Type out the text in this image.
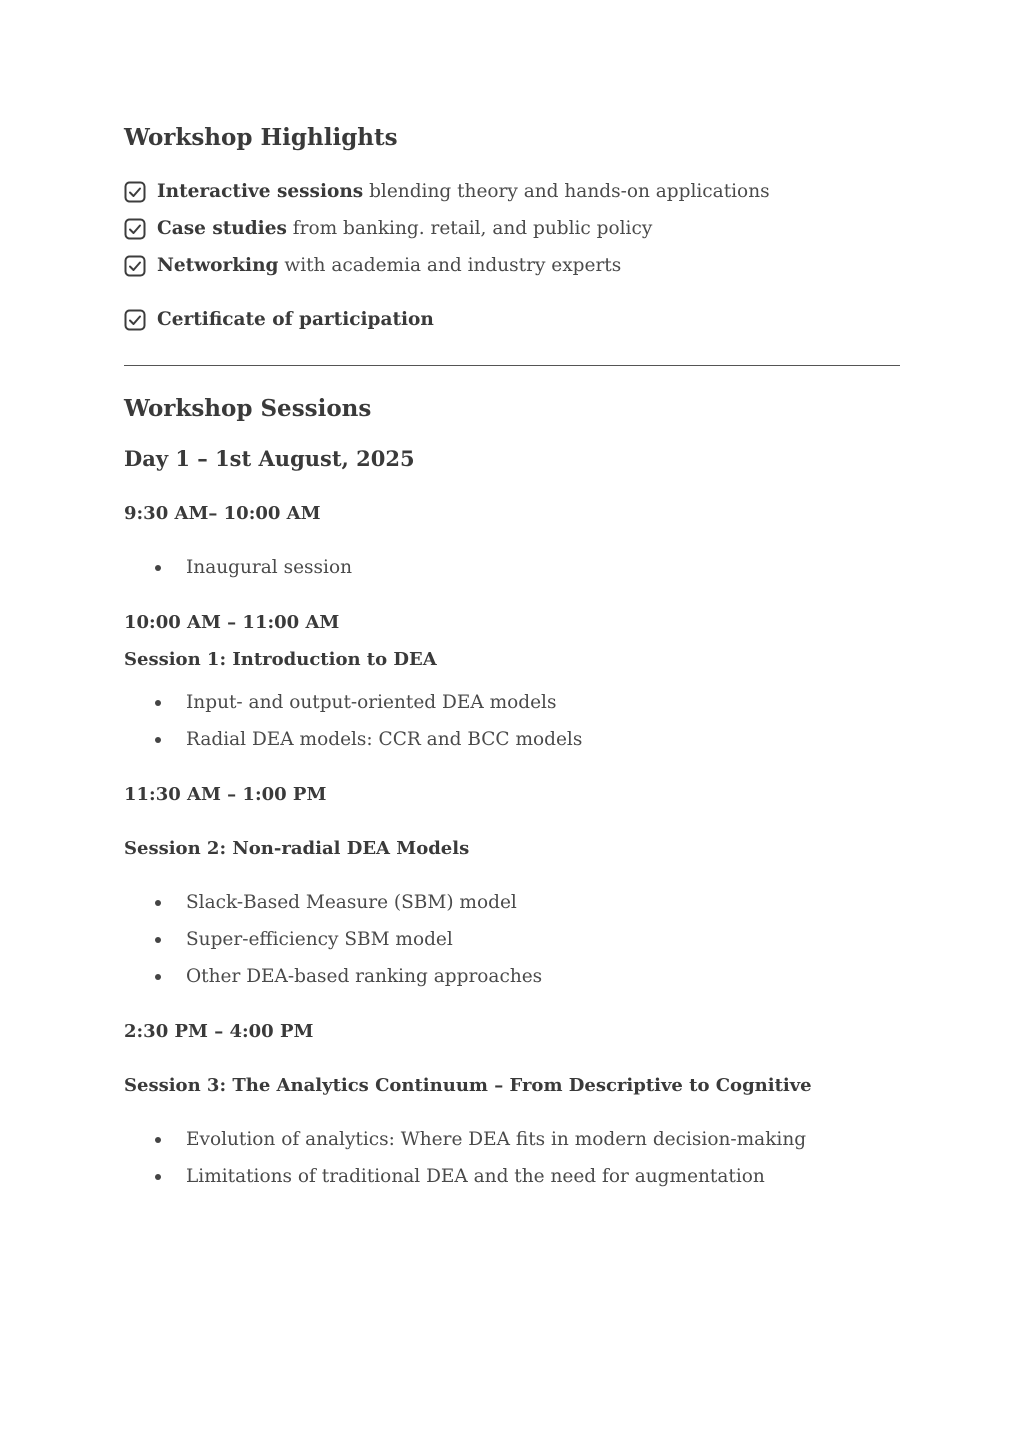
Workshop Highlights
Interactive sessions blending theory and hands-on applications
Case studies from banking. retail, and public policy
Networking with academia and industry experts
Certificate of participation
Workshop Sessions
Day 1 – 1st August, 2025
9:30 AM– 10:00 AM
Inaugural session
10:00 AM – 11:00 AM
Session 1: Introduction to DEA
Input- and output-oriented DEA models
Radial DEA models: CCR and BCC models
11:30 AM – 1:00 PM
Session 2: Non-radial DEA Models
Slack-Based Measure (SBM) model
Super-efficiency SBM model
Other DEA-based ranking approaches
2:30 PM – 4:00 PM
Session 3: The Analytics Continuum – From Descriptive to Cognitive
Evolution of analytics: Where DEA fits in modern decision-making
Limitations of traditional DEA and the need for augmentation
